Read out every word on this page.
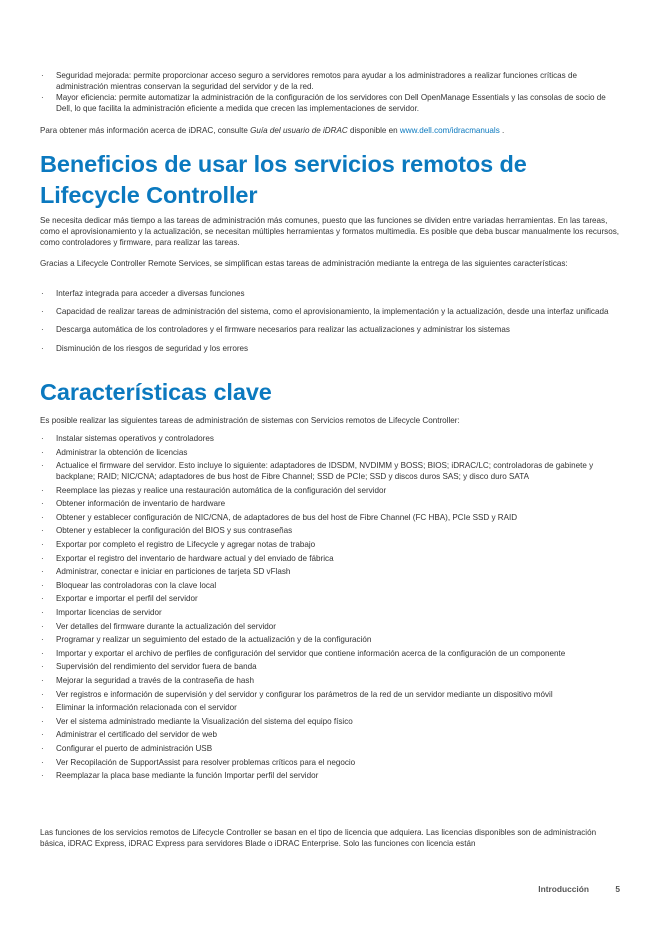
· Seguridad mejorada: permite proporcionar acceso seguro a servidores remotos para ayudar a los administradores a realizar funciones críticas de administración mientras conservan la seguridad del servidor y de la red.
· Mayor eficiencia: permite automatizar la administración de la configuración de los servidores con Dell OpenManage Essentials y las consolas de socio de Dell, lo que facilita la administración eficiente a medida que crecen las implementaciones de servidor.

Para obtener más información acerca de iDRAC, consulte Guía del usuario de iDRAC disponible en www.dell.com/idracmanuals .

Beneficios de usar los servicios remotos de Lifecycle Controller

Se necesita dedicar más tiempo a las tareas de administración más comunes, puesto que las funciones se dividen entre variadas herramientas. En las tareas, como el aprovisionamiento y la actualización, se necesitan múltiples herramientas y formatos multimedia. Es posible que deba buscar manualmente los recursos, como controladores y firmware, para realizar las tareas.

Gracias a Lifecycle Controller Remote Services, se simplifican estas tareas de administración mediante la entrega de las siguientes características:

· Interfaz integrada para acceder a diversas funciones
· Capacidad de realizar tareas de administración del sistema, como el aprovisionamiento, la implementación y la actualización, desde una interfaz unificada
· Descarga automática de los controladores y el firmware necesarios para realizar las actualizaciones y administrar los sistemas
· Disminución de los riesgos de seguridad y los errores
Características clave

Es posible realizar las siguientes tareas de administración de sistemas con Servicios remotos de Lifecycle Controller:

· Instalar sistemas operativos y controladores
· Administrar la obtención de licencias
· Actualice el firmware del servidor. Esto incluye lo siguiente: adaptadores de IDSDM, NVDIMM y BOSS; BIOS; iDRAC/LC; controladoras de gabinete y backplane; RAID; NIC/CNA; adaptadores de bus host de Fibre Channel; SSD de PCIe; SSD y discos duros SAS; y disco duro SATA
· Reemplace las piezas y realice una restauración automática de la configuración del servidor
· Obtener información de inventario de hardware
· Obtener y establecer configuración de NIC/CNA, de adaptadores de bus del host de Fibre Channel (FC HBA), PCIe SSD y RAID
· Obtener y establecer la configuración del BIOS y sus contraseñas
· Exportar por completo el registro de Lifecycle y agregar notas de trabajo
· Exportar el registro del inventario de hardware actual y del enviado de fábrica
· Administrar, conectar e iniciar en particiones de tarjeta SD vFlash
· Bloquear las controladoras con la clave local
· Exportar e importar el perfil del servidor
· Importar licencias de servidor
· Ver detalles del firmware durante la actualización del servidor
· Programar y realizar un seguimiento del estado de la actualización y de la configuración
· Importar y exportar el archivo de perfiles de configuración del servidor que contiene información acerca de la configuración de un componente
· Supervisión del rendimiento del servidor fuera de banda
· Mejorar la seguridad a través de la contraseña de hash
· Ver registros e información de supervisión y del servidor y configurar los parámetros de la red de un servidor mediante un dispositivo móvil
· Eliminar la información relacionada con el servidor
· Ver el sistema administrado mediante la Visualización del sistema del equipo físico
· Administrar el certificado del servidor de web
· Configurar el puerto de administración USB
· Ver Recopilación de SupportAssist para resolver problemas críticos para el negocio
· Reemplazar la placa base mediante la función Importar perfil del servidor

Las funciones de los servicios remotos de Lifecycle Controller se basan en el tipo de licencia que adquiera. Las licencias disponibles son de administración básica, iDRAC Express, iDRAC Express para servidores Blade o iDRAC Enterprise. Solo las funciones con licencia están

Introducción	5
